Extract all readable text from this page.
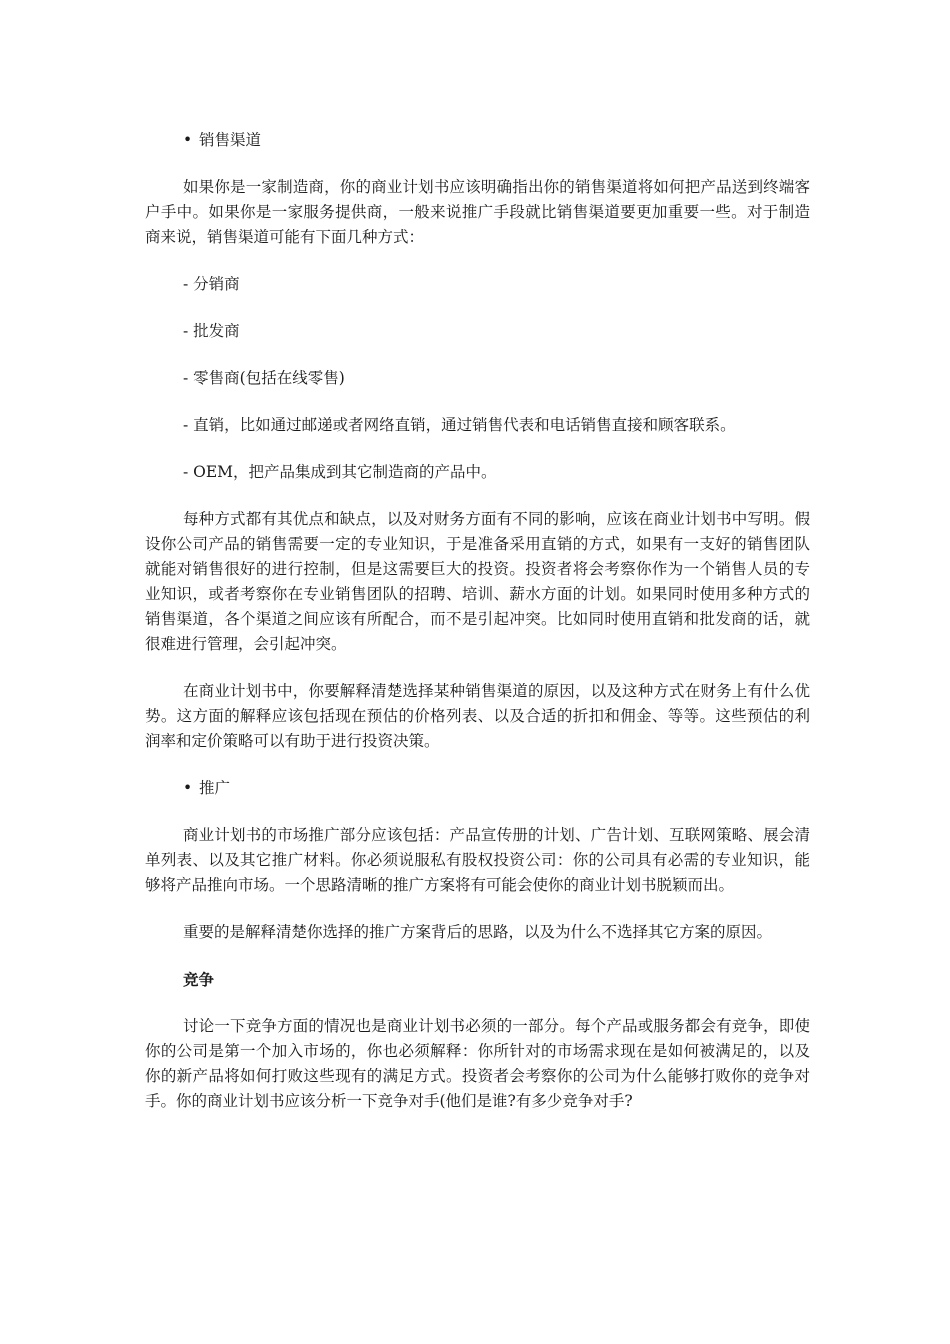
• 销售渠道

如果你是一家制造商，你的商业计划书应该明确指出你的销售渠道将如何把产品送到终端客户手中。如果你是一家服务提供商，一般来说推广手段就比销售渠道要更加重要一些。对于制造商来说，销售渠道可能有下面几种方式：

- 分销商

- 批发商

- 零售商(包括在线零售)

- 直销，比如通过邮递或者网络直销，通过销售代表和电话销售直接和顾客联系。

- OEM，把产品集成到其它制造商的产品中。

每种方式都有其优点和缺点，以及对财务方面有不同的影响，应该在商业计划书中写明。假设你公司产品的销售需要一定的专业知识，于是准备采用直销的方式，如果有一支好的销售团队就能对销售很好的进行控制，但是这需要巨大的投资。投资者将会考察你作为一个销售人员的专业知识，或者考察你在专业销售团队的招聘、培训、薪水方面的计划。如果同时使用多种方式的销售渠道，各个渠道之间应该有所配合，而不是引起冲突。比如同时使用直销和批发商的话，就很难进行管理，会引起冲突。

在商业计划书中，你要解释清楚选择某种销售渠道的原因，以及这种方式在财务上有什么优势。这方面的解释应该包括现在预估的价格列表、以及合适的折扣和佣金、等等。这些预估的利润率和定价策略可以有助于进行投资决策。

• 推广

商业计划书的市场推广部分应该包括：产品宣传册的计划、广告计划、互联网策略、展会清单列表、以及其它推广材料。你必须说服私有股权投资公司：你的公司具有必需的专业知识，能够将产品推向市场。一个思路清晰的推广方案将有可能会使你的商业计划书脱颖而出。

重要的是解释清楚你选择的推广方案背后的思路，以及为什么不选择其它方案的原因。

竞争

讨论一下竞争方面的情况也是商业计划书必须的一部分。每个产品或服务都会有竞争，即使你的公司是第一个加入市场的，你也必须解释：你所针对的市场需求现在是如何被满足的，以及你的新产品将如何打败这些现有的满足方式。投资者会考察你的公司为什么能够打败你的竞争对手。你的商业计划书应该分析一下竞争对手(他们是谁?有多少竞争对手?
